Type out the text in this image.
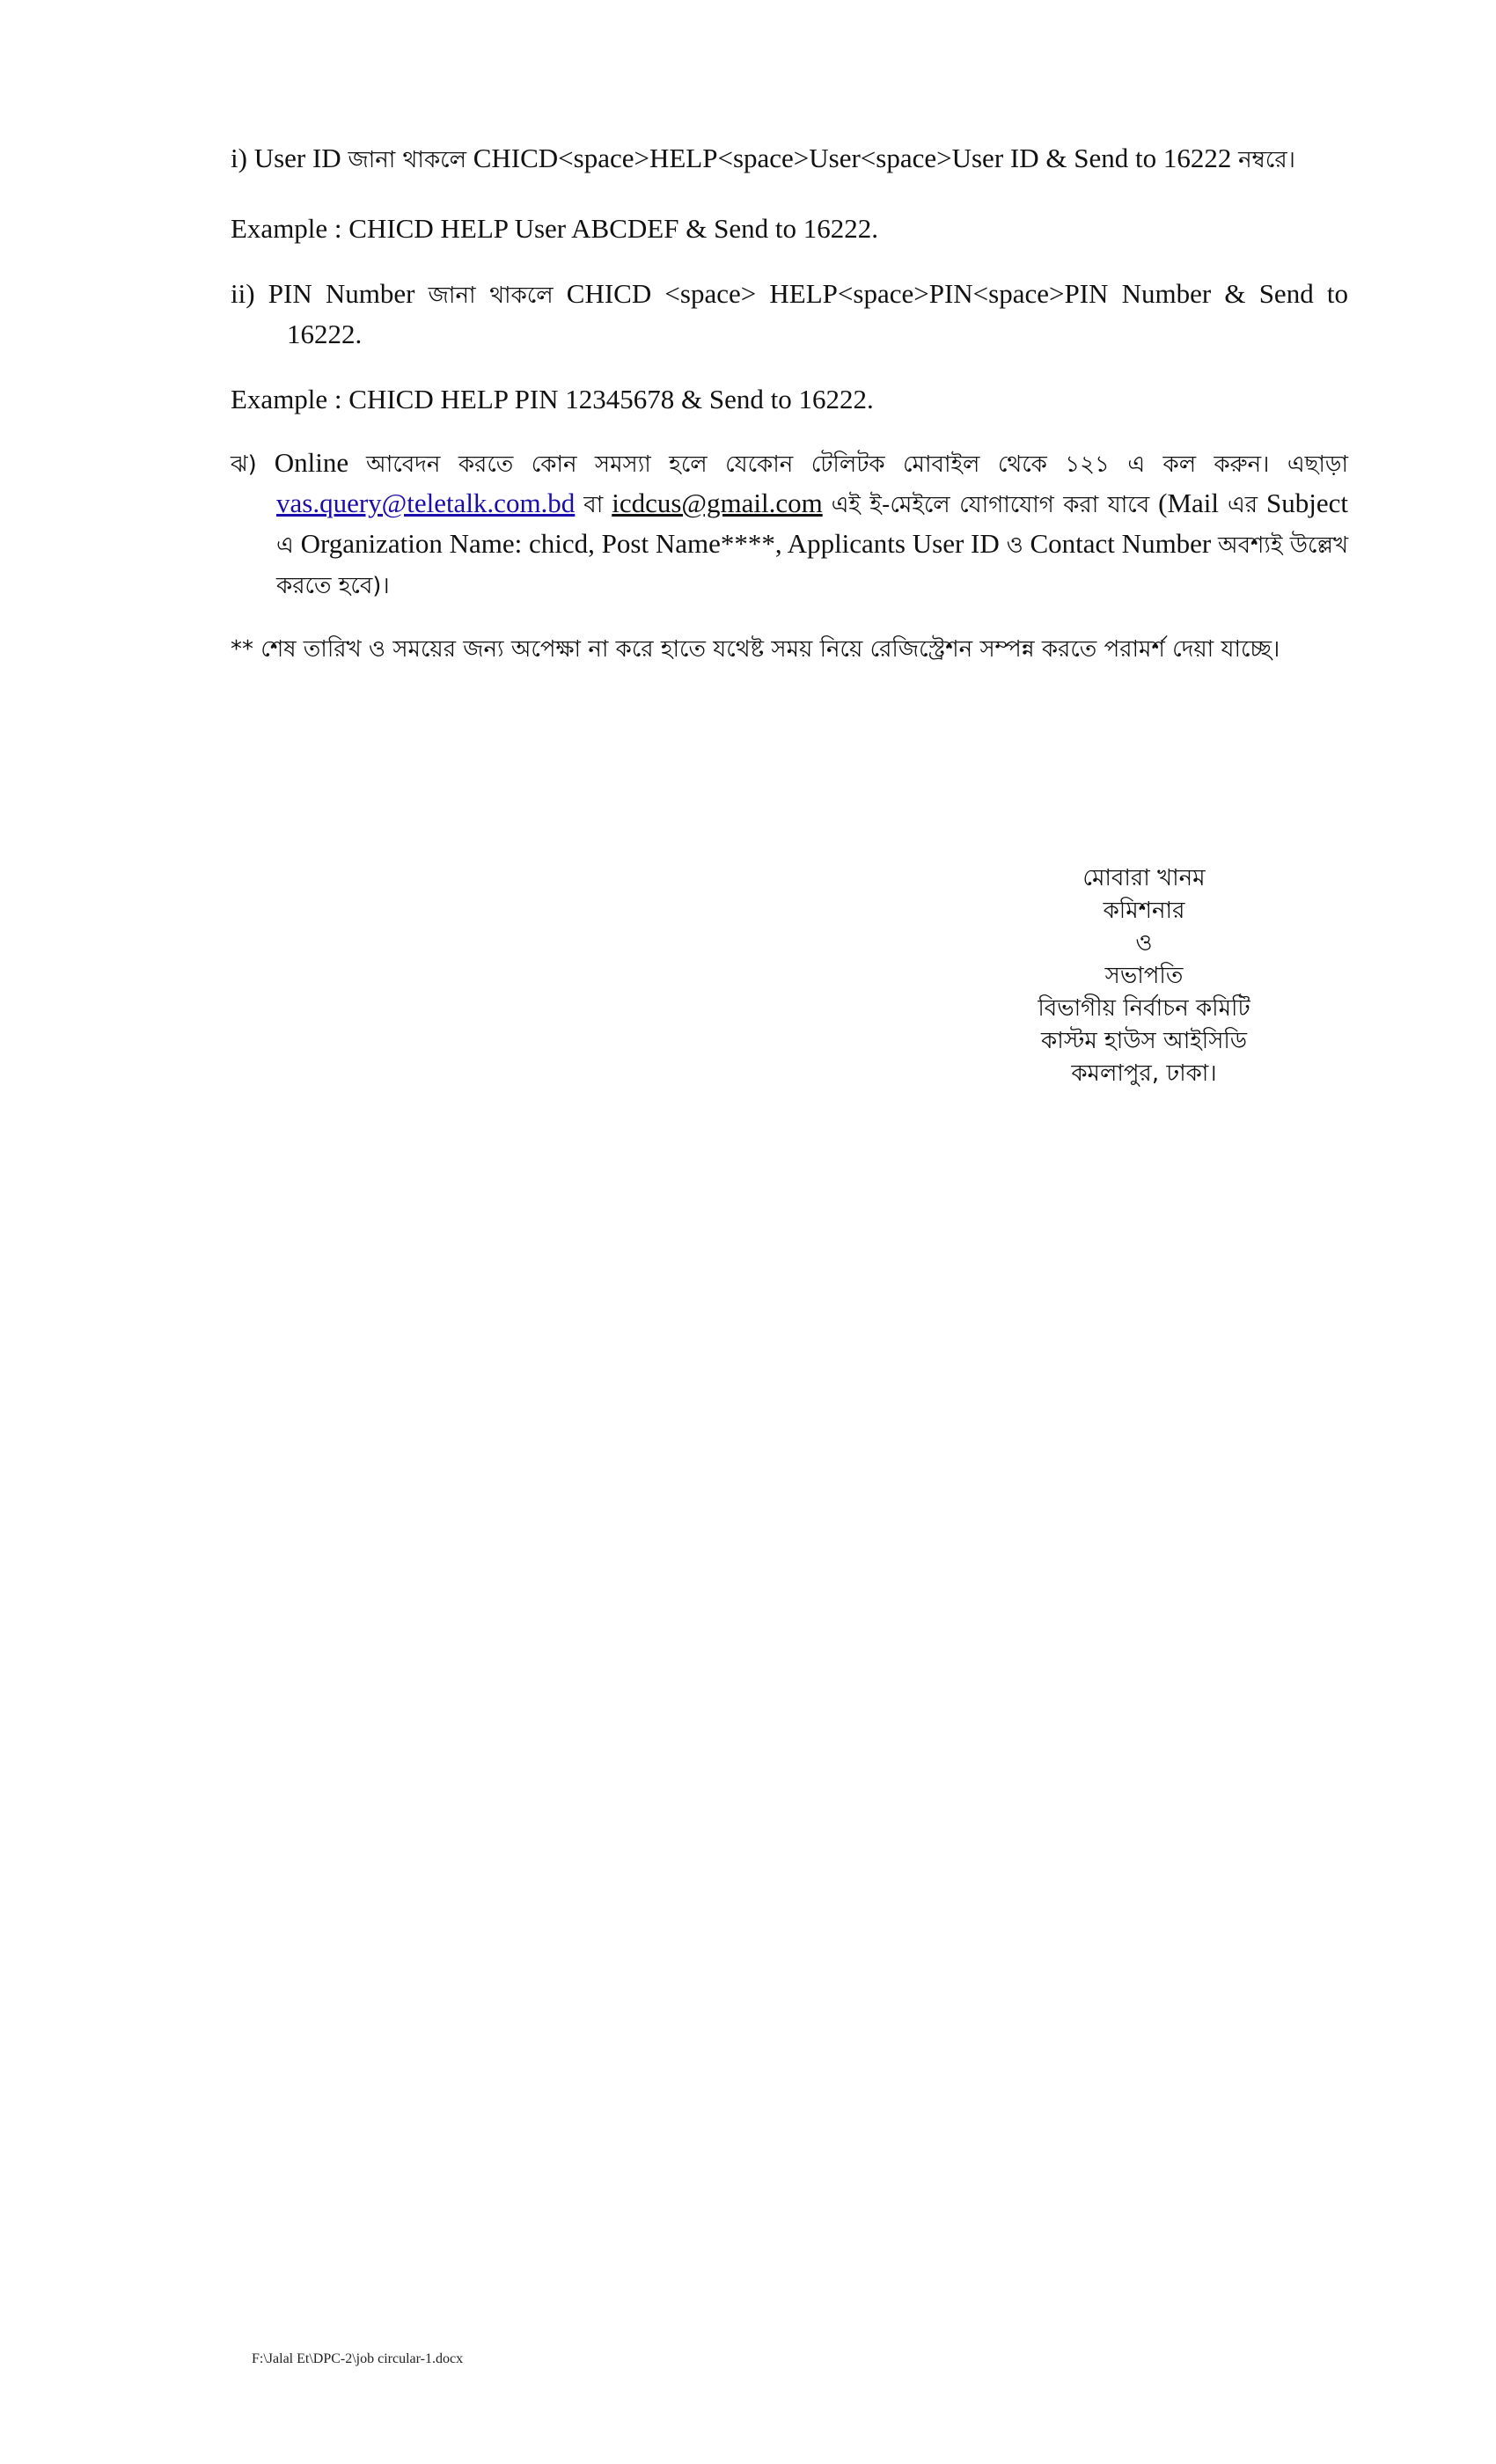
i) User ID জানা থাকলে CHICD<space>HELP<space>User<space>User ID & Send to 16222 নম্বরে।

Example : CHICD HELP User ABCDEF & Send to 16222.

ii) PIN Number জানা থাকলে CHICD <space> HELP<space>PIN<space>PIN Number & Send to 16222.

Example : CHICD HELP PIN 12345678 & Send to 16222.

ঝ) Online আবেদন করতে কোন সমস্যা হলে যেকোন টেলিটক মোবাইল থেকে ১২১ এ কল করুন। এছাড়া vas.query@teletalk.com.bd বা icdcus@gmail.com এই ই-মেইলে যোগাযোগ করা যাবে (Mail এর Subject এ Organization Name: chicd, Post Name****, Applicants User ID ও Contact Number অবশ্যই উল্লেখ করতে হবে)।

** শেষ তারিখ ও সময়ের জন্য অপেক্ষা না করে হাতে যথেষ্ট সময় নিয়ে রেজিস্ট্রেশন সম্পন্ন করতে পরামর্শ দেয়া যাচ্ছে।

মোবারা খানম
কমিশনার
ও
সভাপতি
বিভাগীয় নির্বাচন কমিটি
কাস্টম হাউস আইসিডি
কমলাপুর, ঢাকা।
F:\Jalal Et\DPC-2\job circular-1.docx
